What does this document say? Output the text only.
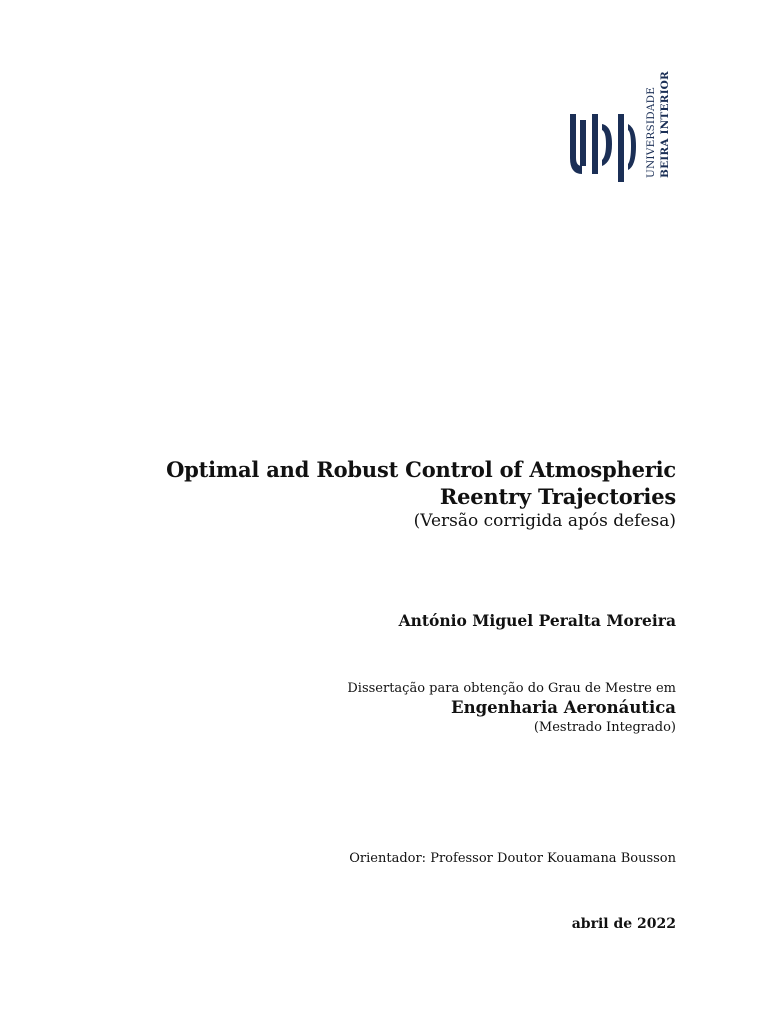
UNIVERSIDADE BEIRA INTERIOR
Optimal and Robust Control of Atmospheric
Reentry Trajectories
(Versão corrigida após defesa)
António Miguel Peralta Moreira
Dissertação para obtenção do Grau de Mestre em
Engenharia Aeronáutica
(Mestrado Integrado)
Orientador: Professor Doutor Kouamana Bousson
abril de 2022
